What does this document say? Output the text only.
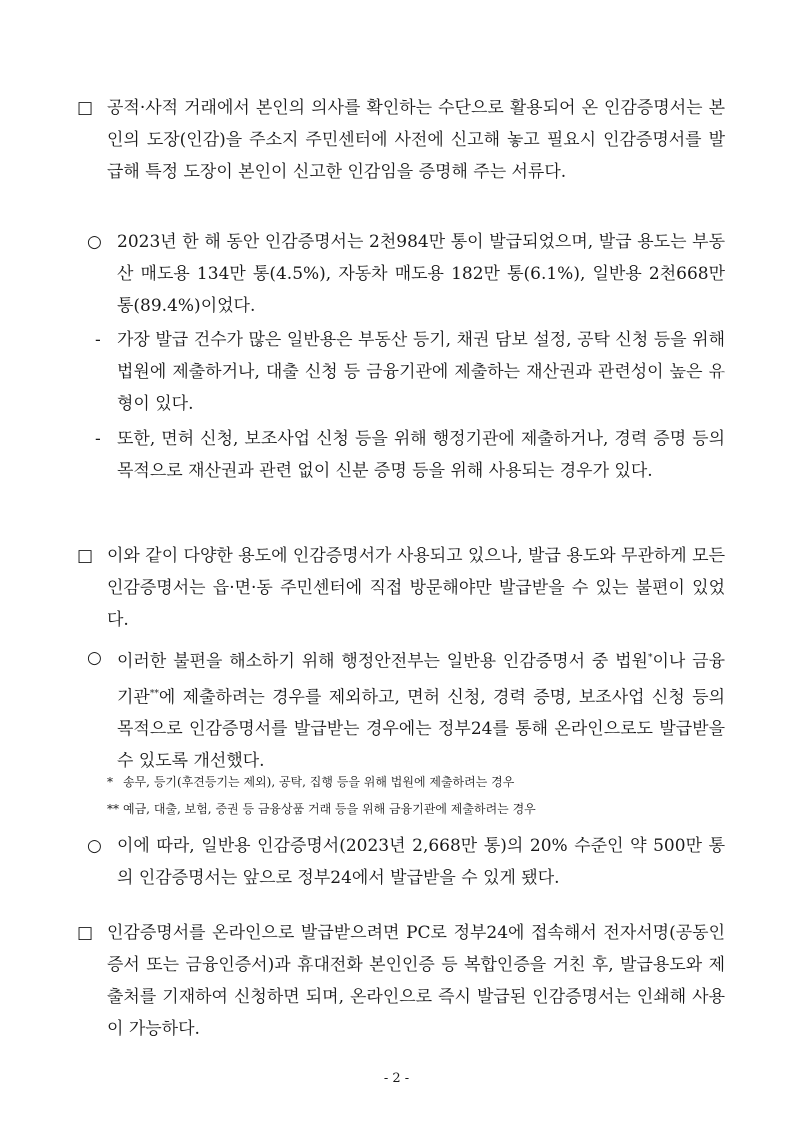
□ 공적·사적 거래에서 본인의 의사를 확인하는 수단으로 활용되어 온 인감증명서는 본인의 도장(인감)을 주소지 주민센터에 사전에 신고해 놓고 필요시 인감증명서를 발급해 특정 도장이 본인이 신고한 인감임을 증명해 주는 서류다.

○ 2023년 한 해 동안 인감증명서는 2천984만 통이 발급되었으며, 발급 용도는 부동산 매도용 134만 통(4.5%), 자동차 매도용 182만 통(6.1%), 일반용 2천668만 통(89.4%)이었다.

- 가장 발급 건수가 많은 일반용은 부동산 등기, 채권 담보 설정, 공탁 신청 등을 위해 법원에 제출하거나, 대출 신청 등 금융기관에 제출하는 재산권과 관련성이 높은 유형이 있다.

- 또한, 면허 신청, 보조사업 신청 등을 위해 행정기관에 제출하거나, 경력 증명 등의 목적으로 재산권과 관련 없이 신분 증명 등을 위해 사용되는 경우가 있다.

□ 이와 같이 다양한 용도에 인감증명서가 사용되고 있으나, 발급 용도와 무관하게 모든 인감증명서는 읍·면·동 주민센터에 직접 방문해야만 발급받을 수 있는 불편이 있었다.

○ 이러한 불편을 해소하기 위해 행정안전부는 일반용 인감증명서 중 법원*이나 금융기관**에 제출하려는 경우를 제외하고, 면허 신청, 경력 증명, 보조사업 신청 등의 목적으로 인감증명서를 발급받는 경우에는 정부24를 통해 온라인으로도 발급받을 수 있도록 개선했다.

* 송무, 등기(후견등기는 제외), 공탁, 집행 등을 위해 법원에 제출하려는 경우

** 예금, 대출, 보험, 증권 등 금융상품 거래 등을 위해 금융기관에 제출하려는 경우

○ 이에 따라, 일반용 인감증명서(2023년 2,668만 통)의 20% 수준인 약 500만 통의 인감증명서는 앞으로 정부24에서 발급받을 수 있게 됐다.

□ 인감증명서를 온라인으로 발급받으려면 PC로 정부24에 접속해서 전자서명(공동인증서 또는 금융인증서)과 휴대전화 본인인증 등 복합인증을 거친 후, 발급용도와 제출처를 기재하여 신청하면 되며, 온라인으로 즉시 발급된 인감증명서는 인쇄해 사용이 가능하다.

- 2 -
